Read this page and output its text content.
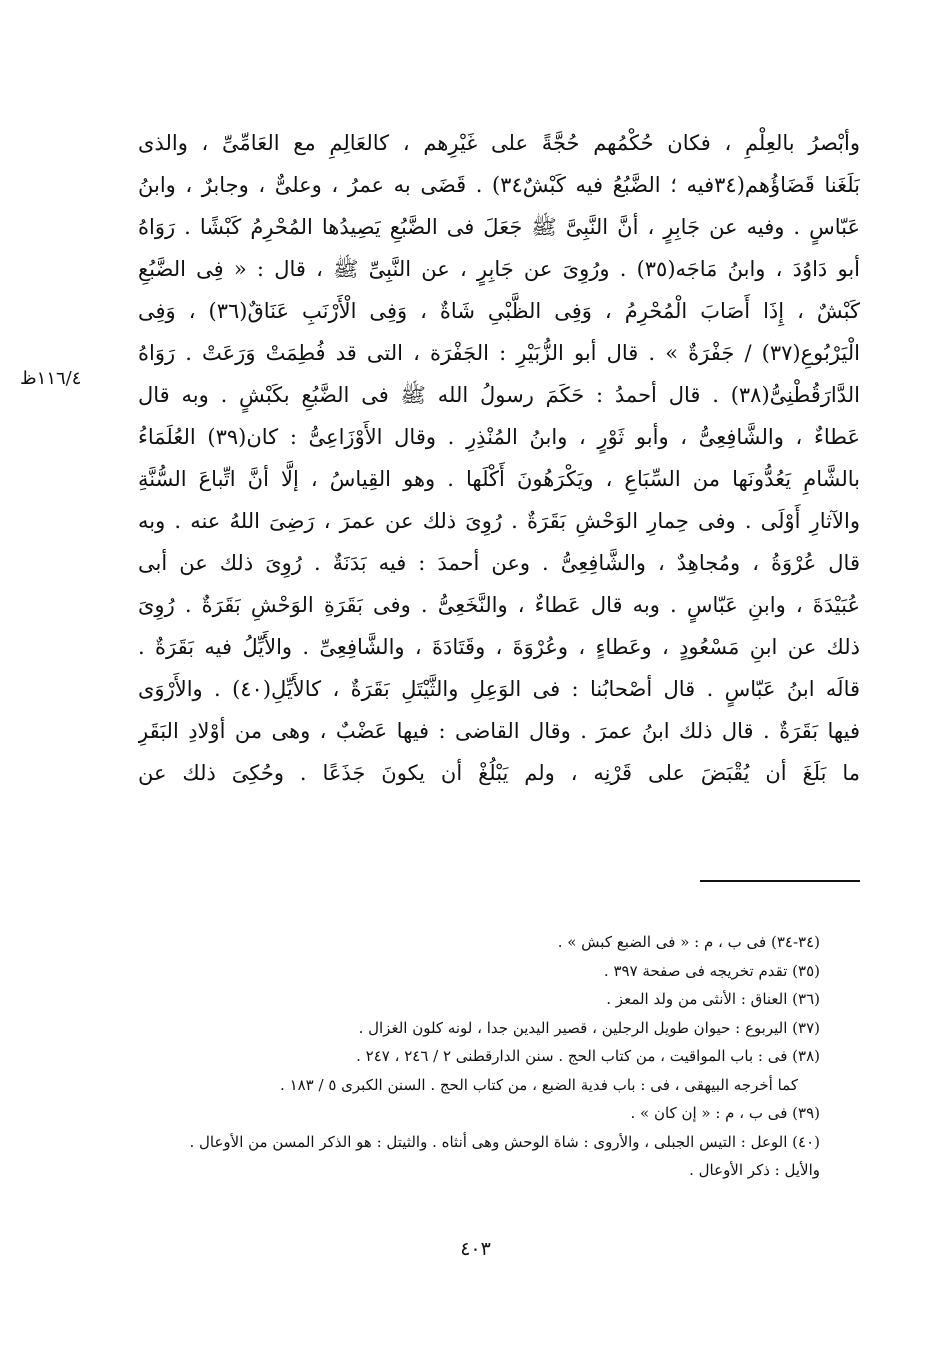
وأبْصرُ بالعِلْمِ ، فكان حُكْمُهم حُجَّةً على غَيْرِهم ، كالعَالِمِ مع العَامِّىِّ ، والذى
بَلَغَنا قَضَاؤُهم(٣٤فيه ؛ الضَّبُعُ فيه كَبْشٌ٣٤) . قَضَى به عمرُ ، وعلىٌّ ، وجابرٌ ، وابنُ
عَبّاسٍ . وفيه عن جَابِرٍ ، أنَّ النَّبِىَّ ﷺ جَعَلَ فى الضَّبُعِ يَصِيدُها المُحْرِمُ كَبْشًا . رَوَاهُ
أبو دَاوُدَ ، وابنُ مَاجَه(٣٥) . ورُوِىَ عن جَابِرٍ ، عن النَّبِىِّ ﷺ ، قال : « فِى الضَّبُعِ
كَبْشٌ ، إِذَا أَصَابَ الْمُحْرِمُ ، وَفِى الظَّبْىِ شَاةٌ ، وَفِى الْأَرْنَبِ عَنَاقٌ(٣٦) ، وَفِى
الْيَرْبُوعِ(٣٧) / جَفْرَةٌ » . قال أبو الزُّبَيْرِ : الجَفْرَة ، التى قد فُطِمَتْ وَرَعَتْ . رَوَاهُ
الدَّارَقُطْنِىُّ(٣٨) . قال أحمدُ : حَكَمَ رسولُ الله ﷺ فى الضَّبُعِ بكَبْشٍ . وبه قال
عَطاءٌ ، والشَّافِعِىُّ ، وأبو ثَوْرٍ ، وابنُ المُنْذِرِ . وقال الأَوْزَاعِىُّ : كان(٣٩) العُلَمَاءُ
بالشَّامِ يَعُدُّونَها من السِّبَاعِ ، ويَكْرَهُونَ أَكْلَها . وهو القِياسُ ، إلَّا أنَّ اتِّباعَ السُّنَّةِ
والآثارِ أَوْلَى . وفى حِمارِ الوَحْشِ بَقَرَةٌ . رُوِىَ ذلك عن عمرَ ، رَضِىَ اللهُ عنه . وبه
قال عُرْوَةُ ، ومُجاهِدٌ ، والشَّافِعِىُّ . وعن أحمدَ : فيه بَدَنَةٌ . رُوِىَ ذلك عن أبى
عُبَيْدَةَ ، وابنِ عَبّاسٍ . وبه قال عَطاءٌ ، والنَّخَعِىُّ . وفى بَقَرَةِ الوَحْشِ بَقَرَةٌ . رُوِىَ
ذلك عن ابنِ مَسْعُودٍ ، وعَطاءٍ ، وعُرْوَةَ ، وقَتَادَةَ ، والشَّافِعِىِّ . والأَيِّلُ فيه بَقَرَةٌ .
قالَه ابنُ عَبّاسٍ . قال أصْحابُنا : فى الوَعِلِ والثَّيْتَلِ بَقَرَةٌ ، كالأَيِّلِ(٤٠) . والأَرْوَى
فيها بَقَرَةٌ . قال ذلك ابنُ عمرَ . وقال القاضى : فيها عَضْبٌ ، وهى من أوْلادِ البَقَرِ
ما بَلَغَ أن يُقْبَضَ على قَرْنِه ، ولم يَبْلُغْ أن يكونَ جَذَعًا . وحُكِىَ ذلك عن
١١٦/٤ظ
(٣٤-٣٤) فى ب ، م : « فى الضبع كبش » .
(٣٥) تقدم تخريجه فى صفحة ٣٩٧ .
(٣٦) العناق : الأنثى من ولد المعز .
(٣٧) اليربوع : حيوان طويل الرجلين ، قصير اليدين جدا ، لونه كلون الغزال .
(٣٨) فى : باب المواقيت ، من كتاب الحج . سنن الدارقطنى ٢ / ٢٤٦ ، ٢٤٧ .
كما أخرجه البيهقى ، فى : باب فدية الضبع ، من كتاب الحج . السنن الكبرى ٥ / ١٨٣ .
(٣٩) فى ب ، م : « إن كان » .
(٤٠) الوعل : التيس الجبلى ، والأروى : شاة الوحش وهى أنثاه . والثيتل : هو الذكر المسن من الأوعال .
والأيل : ذكر الأوعال .
٤٠٣
